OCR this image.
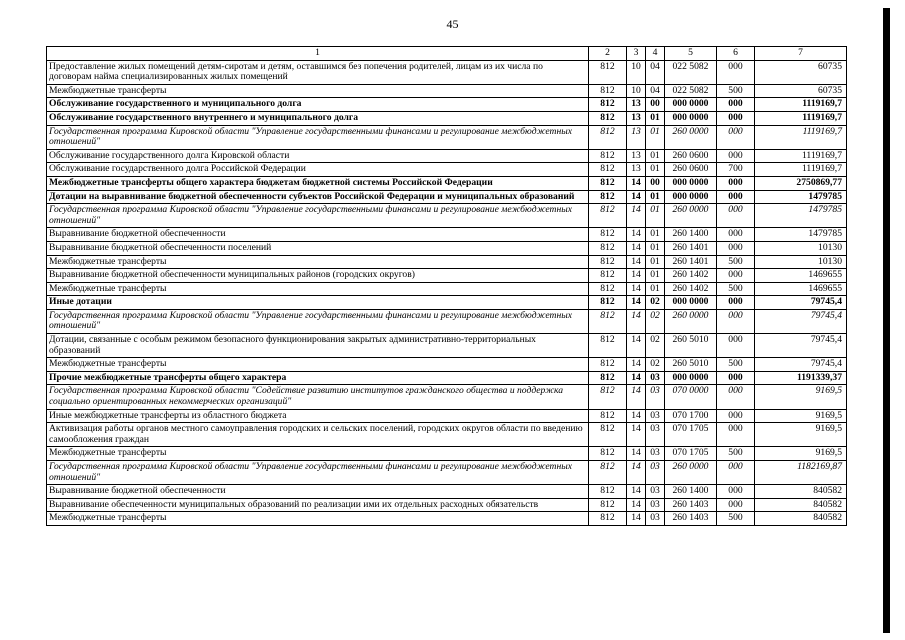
45
1	2	3	4	5	6	7
Предоставление жилых помещений детям-сиротам и детям, оставшимся без попечения родителей, лицам из их числа по договорам найма специализированных жилых помещений	812	10	04	022 5082	000	60735
Межбюджетные трансферты	812	10	04	022 5082	500	60735
Обслуживание государственного и муниципального долга	812	13	00	000 0000	000	1119169,7
Обслуживание государственного внутреннего и муниципального долга	812	13	01	000 0000	000	1119169,7
Государственная программа Кировской области "Управление государственными финансами и регулирование межбюджетных отношений"	812	13	01	260 0000	000	1119169,7
Обслуживание государственного долга Кировской области	812	13	01	260 0600	000	1119169,7
Обслуживание государственного долга Российской Федерации	812	13	01	260 0600	700	1119169,7
Межбюджетные трансферты общего характера бюджетам бюджетной системы Российской Федерации	812	14	00	000 0000	000	2750869,77
Дотации на выравнивание бюджетной обеспеченности субъектов Российской Федерации и муниципальных образований	812	14	01	000 0000	000	1479785
Государственная программа Кировской области "Управление государственными финансами и регулирование межбюджетных отношений"	812	14	01	260 0000	000	1479785
Выравнивание бюджетной обеспеченности	812	14	01	260 1400	000	1479785
Выравнивание бюджетной обеспеченности поселений	812	14	01	260 1401	000	10130
Межбюджетные трансферты	812	14	01	260 1401	500	10130
Выравнивание бюджетной обеспеченности муниципальных районов (городских округов)	812	14	01	260 1402	000	1469655
Межбюджетные трансферты	812	14	01	260 1402	500	1469655
Иные дотации	812	14	02	000 0000	000	79745,4
Государственная программа Кировской области "Управление государственными финансами и регулирование межбюджетных отношений"	812	14	02	260 0000	000	79745,4
Дотации, связанные с особым режимом безопасного функционирования закрытых административно-территориальных образований	812	14	02	260 5010	000	79745,4
Межбюджетные трансферты	812	14	02	260 5010	500	79745,4
Прочие межбюджетные трансферты общего характера	812	14	03	000 0000	000	1191339,37
Государственная программа Кировской области "Содействие развитию институтов гражданского общества и поддержка социально ориентированных некоммерческих организаций"	812	14	03	070 0000	000	9169,5
Иные межбюджетные трансферты из областного бюджета	812	14	03	070 1700	000	9169,5
Активизация работы органов местного самоуправления городских и сельских поселений, городских округов области по введению самообложения граждан	812	14	03	070 1705	000	9169,5
Межбюджетные трансферты	812	14	03	070 1705	500	9169,5
Государственная программа Кировской области "Управление государственными финансами и регулирование межбюджетных отношений"	812	14	03	260 0000	000	1182169,87
Выравнивание бюджетной обеспеченности	812	14	03	260 1400	000	840582
Выравнивание обеспеченности муниципальных образований по реализации ими их отдельных расходных обязательств	812	14	03	260 1403	000	840582
Межбюджетные трансферты	812	14	03	260 1403	500	840582
